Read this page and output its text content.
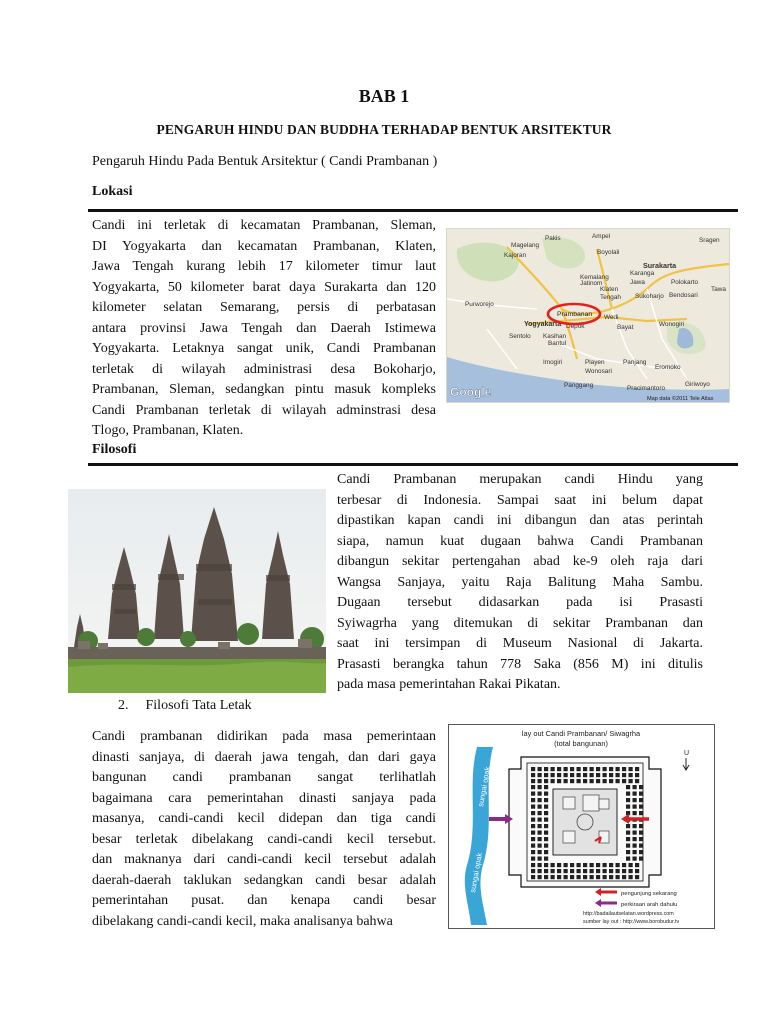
BAB 1
PENGARUH HINDU DAN BUDDHA TERHADAP BENTUK ARSITEKTUR
Pengaruh Hindu Pada Bentuk Arsitektur ( Candi Prambanan )
Lokasi
Candi ini terletak di kecamatan Prambanan, Sleman,
DI Yogyakarta dan kecamatan Prambanan, Klaten,
Jawa Tengah kurang lebih 17 kilometer timur laut
Yogyakarta, 50 kilometer barat daya Surakarta dan 120
kilometer selatan Semarang, persis di perbatasan
antara provinsi Jawa Tengah dan Daerah Istimewa
Yogyakarta. Letaknya sangat unik, Candi Prambanan
terletak di wilayah administrasi desa Bokoharjo,
Prambanan, Sleman, sedangkan pintu masuk kompleks
Candi Prambanan terletak di wilayah adminstrasi desa
Tlogo, Prambanan, Klaten.
Pakis	Ampel
Magelang
Boyolali
Kajoran
Surakarta
Kemalang
Karanga
Jatinom	Jawa	Polokarto
Klaten
Tengah Sukoharjo Bendosari
Tawa
Purworejo
Wedi
Yogyakarta Depok	Bayat	Wonogiri
Sentolo Kasihan
Bantul
Imogiri	Playen	Panjang
Eromoko
Wonosari
Panggang	Pracimantoro
Giriwoyo
Sragen
Prambanan
Google	Map data ©2011 Tele Atlas
Filosofi
Candi Prambanan merupakan candi Hindu yang
terbesar di Indonesia. Sampai saat ini belum dapat
dipastikan kapan candi ini dibangun dan atas perintah
siapa, namun kuat dugaan bahwa Candi Prambanan
dibangun sekitar pertengahan abad ke-9 oleh raja dari
Wangsa Sanjaya, yaitu Raja Balitung Maha Sambu.
Dugaan tersebut didasarkan pada isi Prasasti
Syiwagrha yang ditemukan di sekitar Prambanan dan
saat ini tersimpan di Museum Nasional di Jakarta.
Prasasti berangka tahun 778 Saka (856 M) ini ditulis
pada masa pemerintahan Rakai Pikatan.
2. Filosofi Tata Letak
Candi prambanan didirikan pada masa pemerintaan
dinasti sanjaya, di daerah jawa tengah, dan dari gaya
bangunan candi prambanan sangat terlihatlah
bagaimana cara pemerintahan dinasti sanjaya pada
masanya, candi-candi kecil didepan dan tiga candi
besar terletak dibelakang candi-candi kecil tersebut.
dan maknanya dari candi-candi kecil tersebut adalah
daerah-daerah taklukan sedangkan candi besar adalah
pemerintahan pusat. dan kenapa candi besar
dibelakang candi-candi kecil, maka analisanya bahwa
lay out Candi Prambanan/ Siwagrha
(total bangunan)
sungai opak
sungai opak
U
pengunjung sekarang
perkiraan arah dahulu
http://badailautselatan.wordpress.com
sumber lay out : http://www.borobudur.tv
